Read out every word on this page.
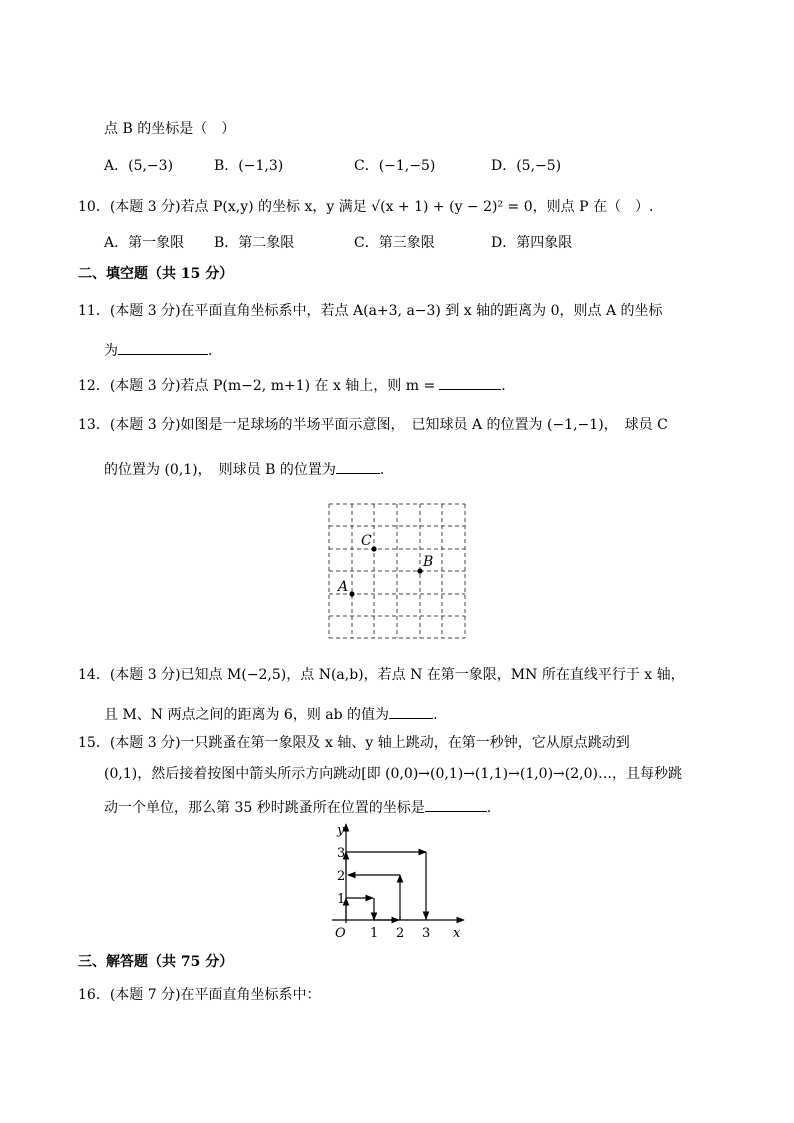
点 B 的坐标是（　）
A．(5,−3)	B．(−1,3)	C．(−1,−5)	D．(5,−5)
10．(本题 3 分)若点 P(x,y) 的坐标 x，y 满足 √(x + 1) + (y − 2)² = 0，则点 P 在（　）.
A．第一象限 B．第二象限	C．第三象限	D．第四象限
二、填空题（共 15 分）
11．(本题 3 分)在平面直角坐标系中，若点 A(a+3, a−3) 到 x 轴的距离为 0，则点 A 的坐标
为	．
12．(本题 3 分)若点 P(m−2, m+1) 在 x 轴上，则 m =	.
13．(本题 3 分)如图是一足球场的半场平面示意图，　已知球员 A 的位置为 (−1,−1)，　球员 C
的位置为 (0,1)，　则球员 B 的位置为	.
C
B
A
14．(本题 3 分)已知点 M(−2,5)，点 N(a,b)，若点 N 在第一象限，MN 所在直线平行于 x 轴，
且 M、N 两点之间的距离为 6，则 ab 的值为	.
15．(本题 3 分)一只跳蚤在第一象限及 x 轴、y 轴上跳动，在第一秒钟，它从原点跳动到
(0,1)，然后接着按图中箭头所示方向跳动[即 (0,0)→(0,1)→(1,1)→(1,0)→(2,0)…，且每秒跳
动一个单位，那么第 35 秒时跳蚤所在位置的坐标是	.
y
x
O 1 2 3
1
2
3
三、解答题（共 75 分）
16．(本题 7 分)在平面直角坐标系中：
